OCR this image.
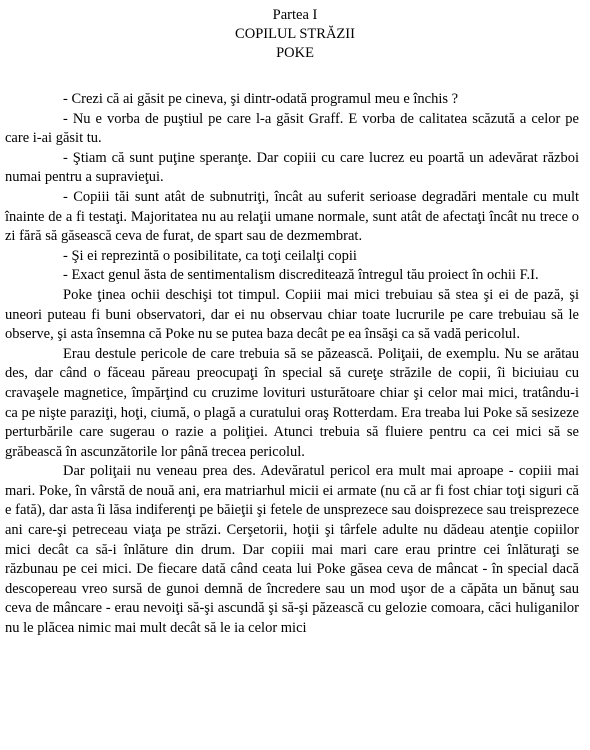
Partea I
COPILUL STRĂZII
POKE

- Crezi că ai găsit pe cineva, şi dintr-odată programul meu e închis ?

- Nu e vorba de puştiul pe care l-a găsit Graff. E vorba de calitatea scăzută a celor pe care i-ai găsit tu.

- Ştiam că sunt puţine speranţe. Dar copiii cu care lucrez eu poartă un adevărat război numai pentru a supravieţui.

- Copiii tăi sunt atât de subnutriţi, încât au suferit serioase degradări mentale cu mult înainte de a fi testaţi. Majoritatea nu au relaţii umane normale, sunt atât de afectaţi încât nu trece o zi fără să găsească ceva de furat, de spart sau de dezmembrat.

- Şi ei reprezintă o posibilitate, ca toţi ceilalţi copii

- Exact genul ăsta de sentimentalism discreditează întregul tău proiect în ochii F.I.

Poke ţinea ochii deschişi tot timpul. Copiii mai mici trebuiau să stea şi ei de pază, şi uneori puteau fi buni observatori, dar ei nu observau chiar toate lucrurile pe care trebuiau să le observe, şi asta însemna că Poke nu se putea baza decât pe ea însăşi ca să vadă pericolul.

Erau destule pericole de care trebuia să se păzească. Poliţaii, de exemplu. Nu se arătau des, dar când o făceau păreau preocupaţi în special să cureţe străzile de copii, îi biciuiau cu cravaşele magnetice, împărţind cu cruzime lovituri usturătoare chiar şi celor mai mici, tratându-i ca pe nişte paraziţi, hoţi, ciumă, o plagă a curatului oraş Rotterdam. Era treaba lui Poke să sesizeze perturbările care sugerau o razie a poliţiei. Atunci trebuia să fluiere pentru ca cei mici să se grăbească în ascunzătorile lor până trecea pericolul.

Dar poliţaii nu veneau prea des. Adevăratul pericol era mult mai aproape - copiii mai mari. Poke, în vârstă de nouă ani, era matriarhul micii ei armate (nu că ar fi fost chiar toţi siguri că e fată), dar asta îi lăsa indiferenţi pe băieţii şi fetele de unsprezece sau doisprezece sau treisprezece ani care-şi petreceau viaţa pe străzi. Cerşetorii, hoţii şi târfele adulte nu dădeau atenţie copiilor mici decât ca să-i înlăture din drum. Dar copiii mai mari care erau printre cei înlăturaţi se răzbunau pe cei mici. De fiecare dată când ceata lui Poke găsea ceva de mâncat - în special dacă descopereau vreo sursă de gunoi demnă de încredere sau un mod uşor de a căpăta un bănuţ sau ceva de mâncare - erau nevoiţi să-şi ascundă şi să-şi păzească cu gelozie comoara, căci huliganilor nu le plăcea nimic mai mult decât să le ia celor mici
